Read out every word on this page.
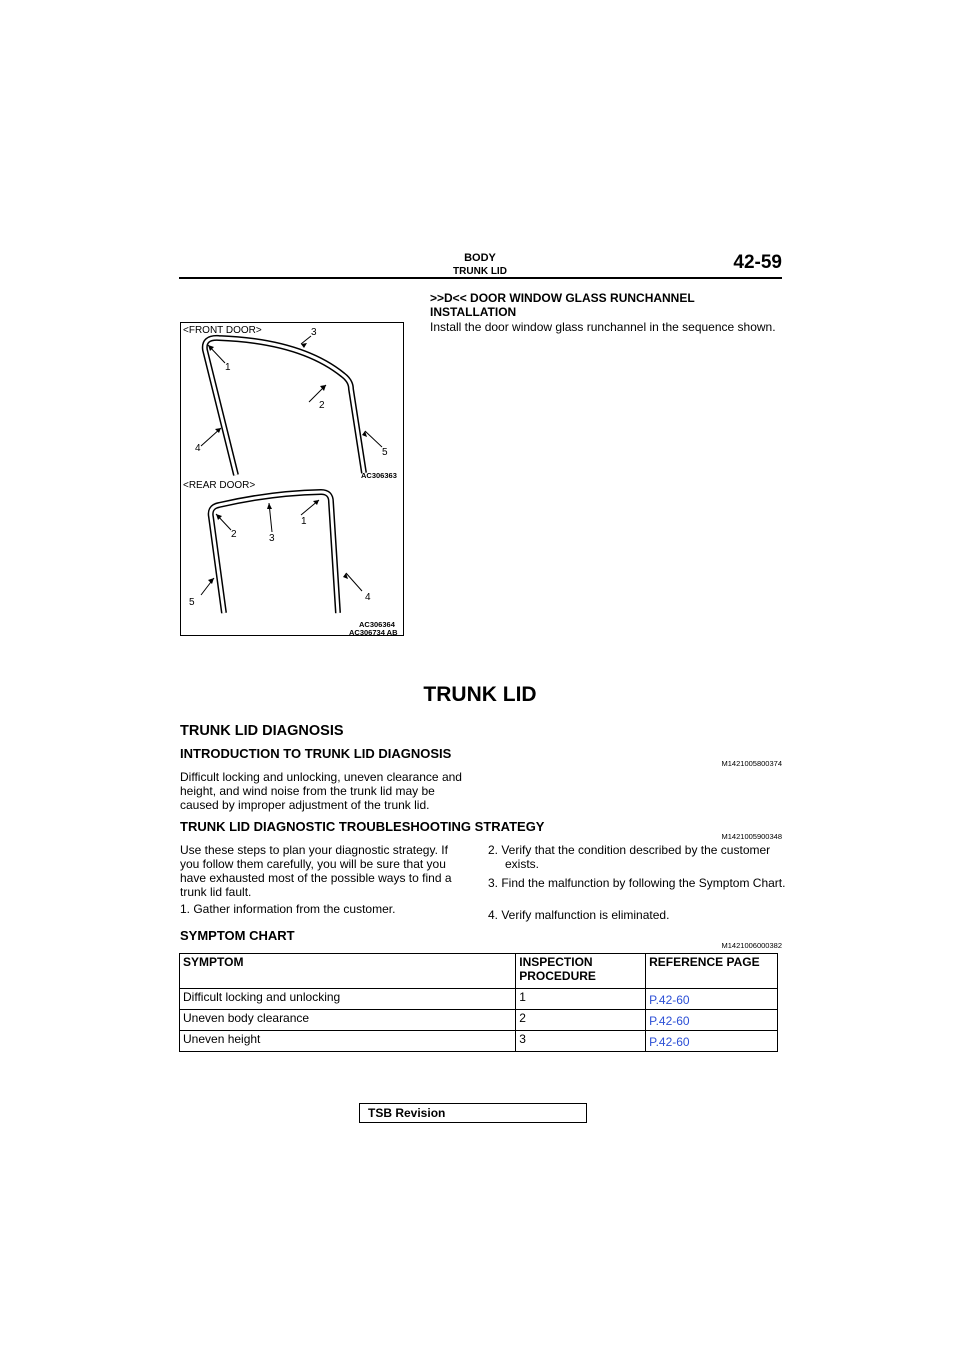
BODY
TRUNK LID	42-59
<FRONT DOOR>
1
2
3
4	5
AC306363
<REAR DOOR>
1
2	3
4
5
AC306364
AC306734 AB
>>D<< DOOR WINDOW GLASS RUNCHANNEL
INSTALLATION
Install the door window glass runchannel in the sequence shown.
TRUNK LID
TRUNK LID DIAGNOSIS
INTRODUCTION TO TRUNK LID DIAGNOSIS
M1421005800374
Difficult locking and unlocking, uneven clearance and height, and wind noise from the trunk lid may be caused by improper adjustment of the trunk lid.
TRUNK LID DIAGNOSTIC TROUBLESHOOTING STRATEGY
M1421005900348
Use these steps to plan your diagnostic strategy. If you follow them carefully, you will be sure that you have exhausted most of the possible ways to find a trunk lid fault.
1. Gather information from the customer.
2. Verify that the condition described by the customer exists.
3. Find the malfunction by following the Symptom Chart.
4. Verify malfunction is eliminated.
SYMPTOM CHART
M1421006000382
SYMPTOM	INSPECTION PROCEDURE	REFERENCE PAGE
Difficult locking and unlocking	1	P.42-60
Uneven body clearance	2	P.42-60
Uneven height	3	P.42-60
TSB Revision
